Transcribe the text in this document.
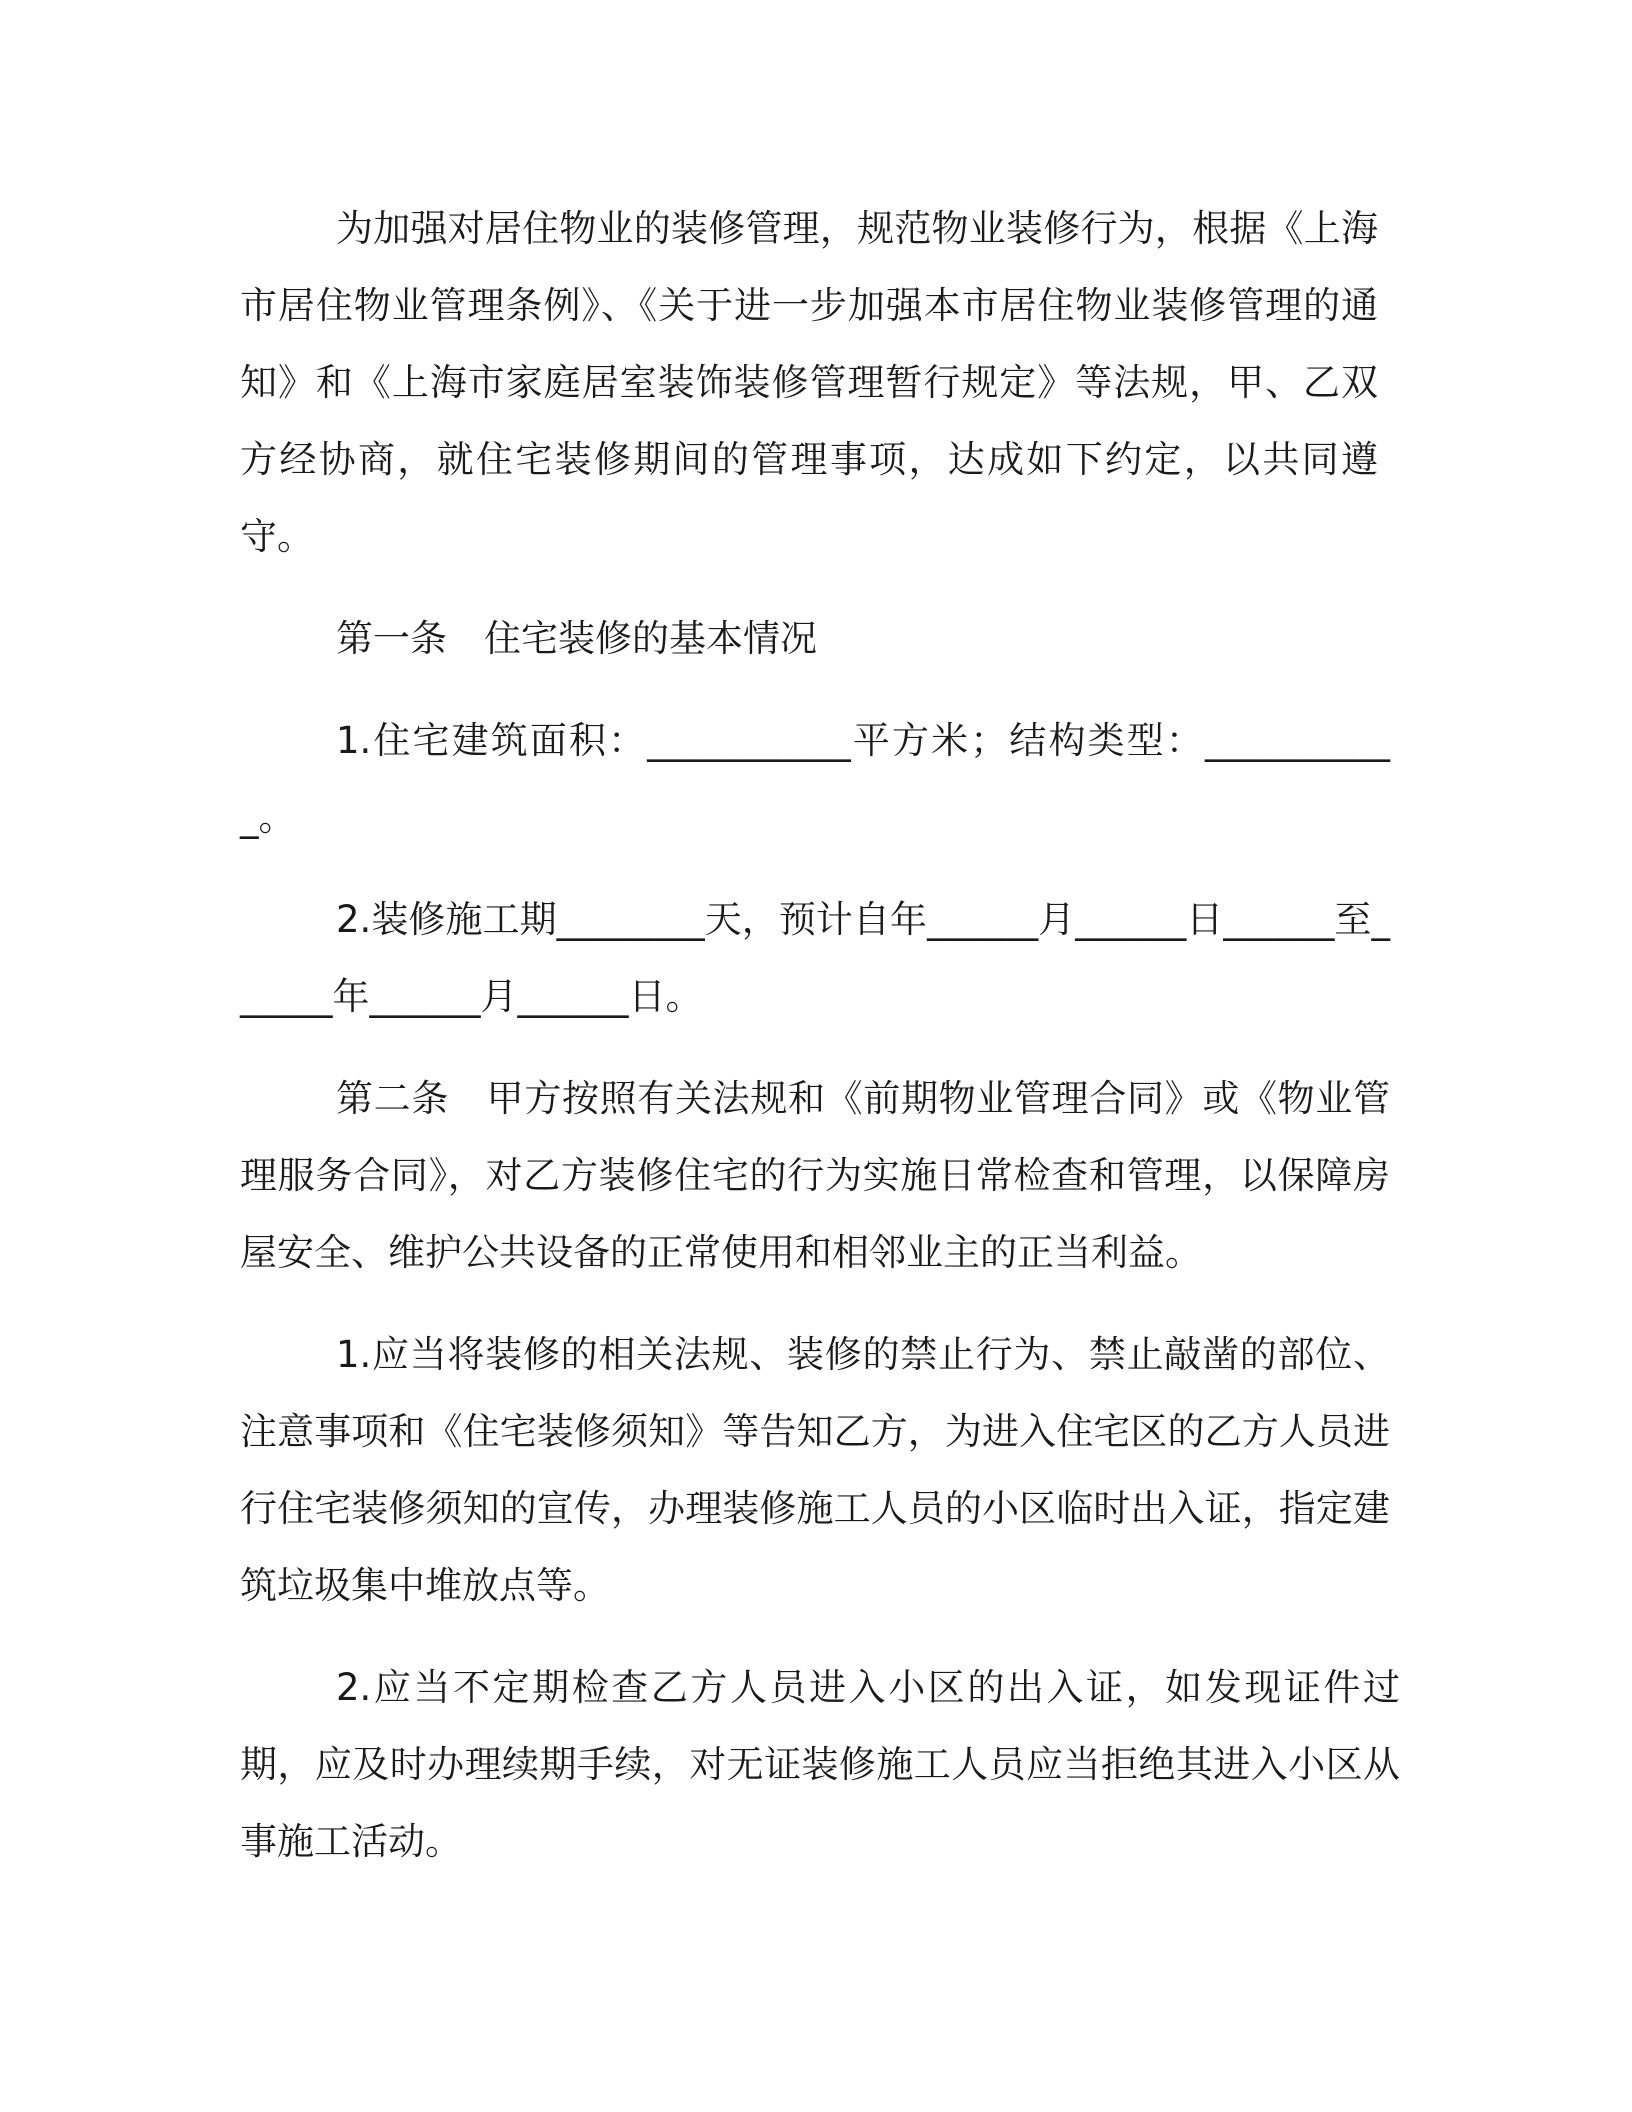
为加强对居住物业的装修管理，规范物业装修行为，根据《上海市居住物业管理条例》、《关于进一步加强本市居住物业装修管理的通知》和《上海市家庭居室装饰装修管理暂行规定》等法规，甲、乙双方经协商，就住宅装修期间的管理事项，达成如下约定，以共同遵守。

第一条　住宅装修的基本情况

1.住宅建筑面积：___________平方米；结构类型：___________。

2.装修施工期________天，预计自年______月______日______至______年______月______日。

第二条　甲方按照有关法规和《前期物业管理合同》或《物业管理服务合同》，对乙方装修住宅的行为实施日常检查和管理，以保障房屋安全、维护公共设备的正常使用和相邻业主的正当利益。

1.应当将装修的相关法规、装修的禁止行为、禁止敲凿的部位、注意事项和《住宅装修须知》等告知乙方，为进入住宅区的乙方人员进行住宅装修须知的宣传，办理装修施工人员的小区临时出入证，指定建筑垃圾集中堆放点等。

2.应当不定期检查乙方人员进入小区的出入证，如发现证件过期，应及时办理续期手续，对无证装修施工人员应当拒绝其进入小区从事施工活动。
